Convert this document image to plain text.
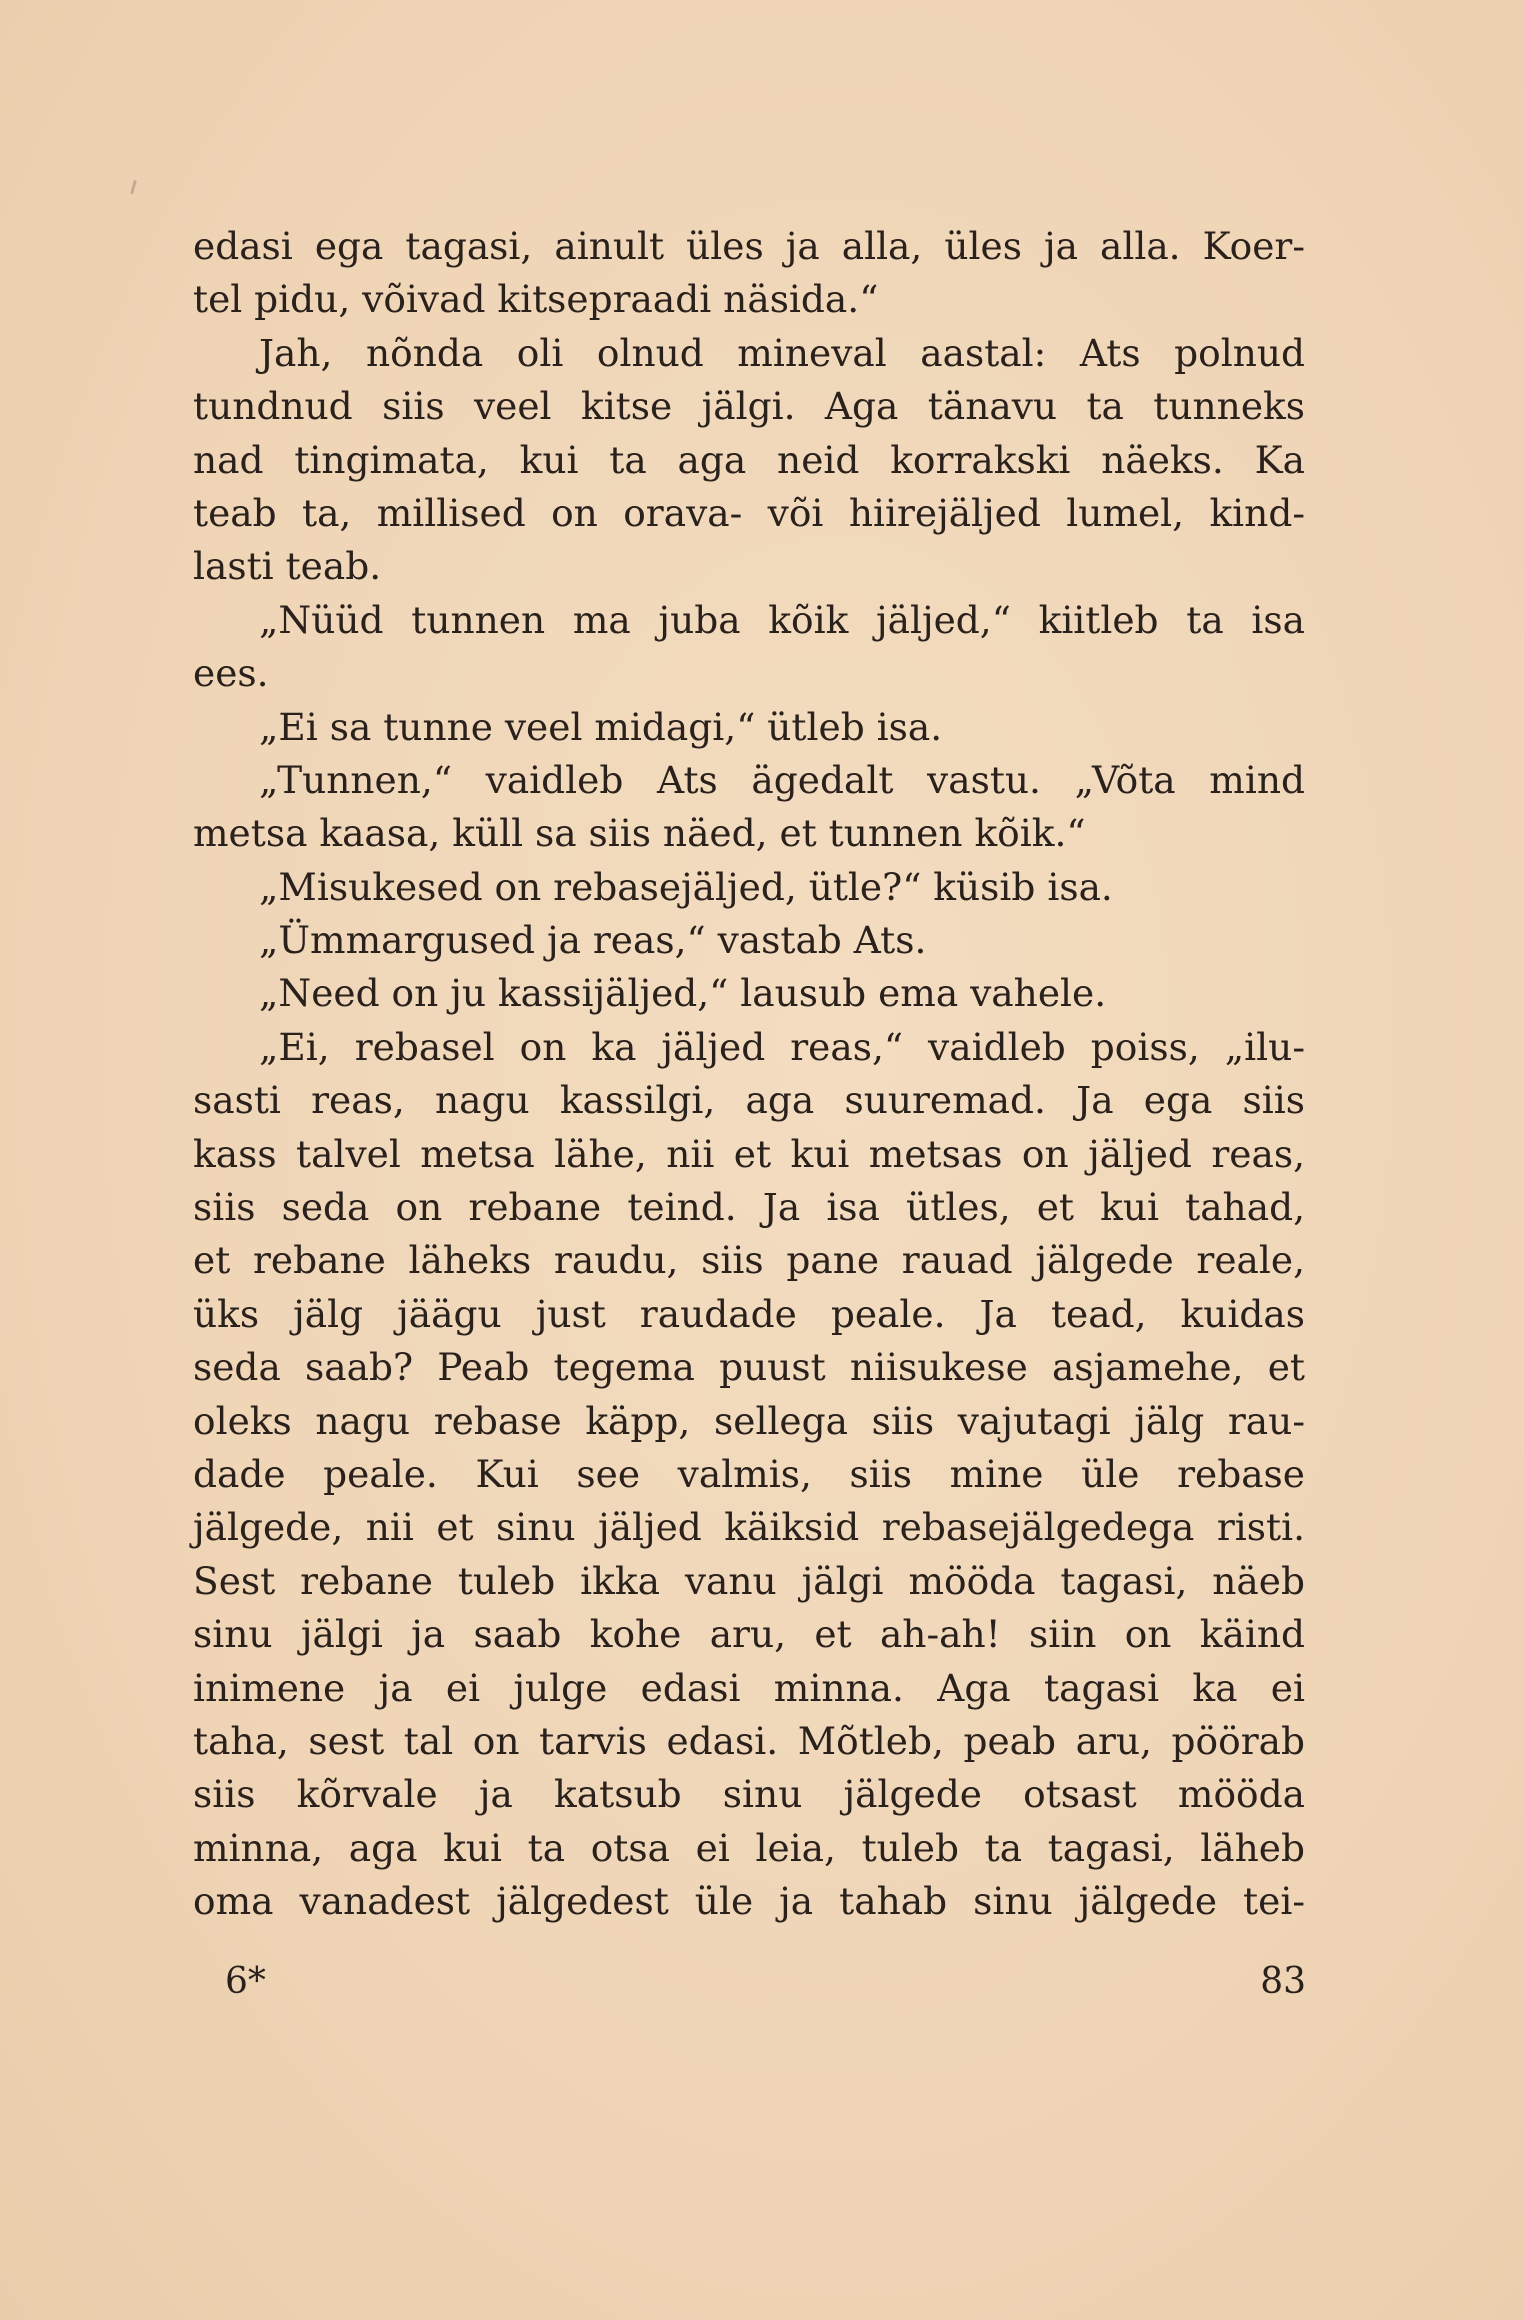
edasi ega tagasi, ainult üles ja alla, üles ja alla. Koer-
tel pidu, võivad kitsepraadi näsida.“
Jah, nõnda oli olnud mineval aastal: Ats polnud
tundnud siis veel kitse jälgi. Aga tänavu ta tunneks
nad tingimata, kui ta aga neid korrakski näeks. Ka
teab ta, millised on orava- või hiirejäljed lumel, kind-
lasti teab.
„Nüüd tunnen ma juba kõik jäljed,“ kiitleb ta isa
ees.
„Ei sa tunne veel midagi,“ ütleb isa.
„Tunnen,“ vaidleb Ats ägedalt vastu. „Võta mind
metsa kaasa, küll sa siis näed, et tunnen kõik.“
„Misukesed on rebasejäljed, ütle?“ küsib isa.
„Ümmargused ja reas,“ vastab Ats.
„Need on ju kassijäljed,“ lausub ema vahele.
„Ei, rebasel on ka jäljed reas,“ vaidleb poiss, „ilu-
sasti reas, nagu kassilgi, aga suuremad. Ja ega siis
kass talvel metsa lähe, nii et kui metsas on jäljed reas,
siis seda on rebane teind. Ja isa ütles, et kui tahad,
et rebane läheks raudu, siis pane rauad jälgede reale,
üks jälg jäägu just raudade peale. Ja tead, kuidas
seda saab? Peab tegema puust niisukese asjamehe, et
oleks nagu rebase käpp, sellega siis vajutagi jälg rau-
dade peale. Kui see valmis, siis mine üle rebase
jälgede, nii et sinu jäljed käiksid rebasejälgedega risti.
Sest rebane tuleb ikka vanu jälgi mööda tagasi, näeb
sinu jälgi ja saab kohe aru, et ah-ah! siin on käind
inimene ja ei julge edasi minna. Aga tagasi ka ei
taha, sest tal on tarvis edasi. Mõtleb, peab aru, pöörab
siis kõrvale ja katsub sinu jälgede otsast mööda
minna, aga kui ta otsa ei leia, tuleb ta tagasi, läheb
oma vanadest jälgedest üle ja tahab sinu jälgede tei-
6*	83
